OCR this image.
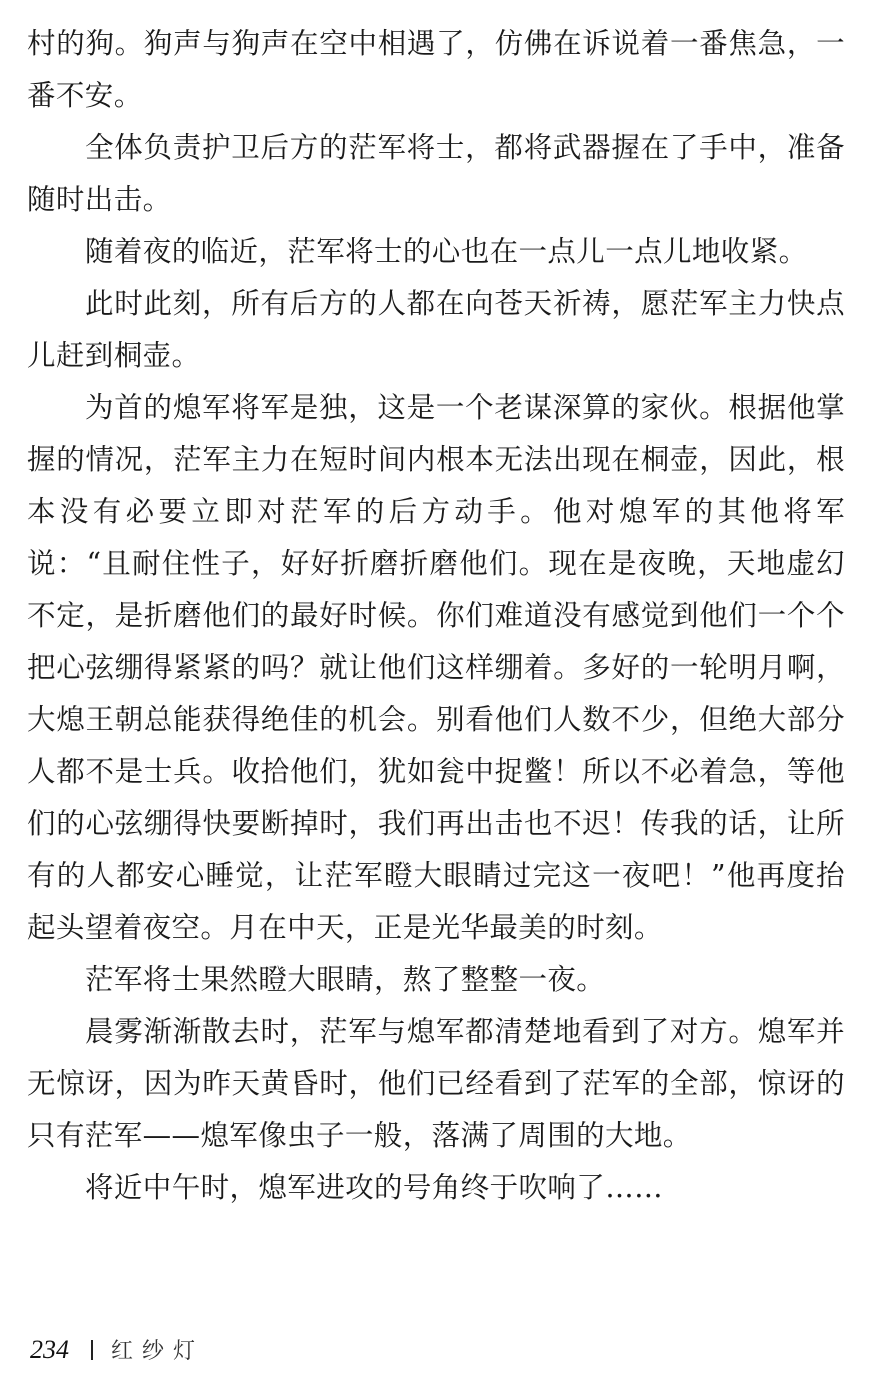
村的狗。狗声与狗声在空中相遇了，仿佛在诉说着一番焦急，一番不安。

全体负责护卫后方的茫军将士，都将武器握在了手中，准备随时出击。

随着夜的临近，茫军将士的心也在一点儿一点儿地收紧。

此时此刻，所有后方的人都在向苍天祈祷，愿茫军主力快点儿赶到桐壶。

为首的熄军将军是独，这是一个老谋深算的家伙。根据他掌握的情况，茫军主力在短时间内根本无法出现在桐壶，因此，根本没有必要立即对茫军的后方动手。他对熄军的其他将军说：“且耐住性子，好好折磨折磨他们。现在是夜晚，天地虚幻不定，是折磨他们的最好时候。你们难道没有感觉到他们一个个把心弦绷得紧紧的吗？就让他们这样绷着。多好的一轮明月啊，大熄王朝总能获得绝佳的机会。别看他们人数不少，但绝大部分人都不是士兵。收拾他们，犹如瓮中捉鳖！所以不必着急，等他们的心弦绷得快要断掉时，我们再出击也不迟！传我的话，让所有的人都安心睡觉，让茫军瞪大眼睛过完这一夜吧！”他再度抬起头望着夜空。月在中天，正是光华最美的时刻。

茫军将士果然瞪大眼睛，熬了整整一夜。

晨雾渐渐散去时，茫军与熄军都清楚地看到了对方。熄军并无惊讶，因为昨天黄昏时，他们已经看到了茫军的全部，惊讶的只有茫军——熄军像虫子一般，落满了周围的大地。

将近中午时，熄军进攻的号角终于吹响了……

234 红纱灯
